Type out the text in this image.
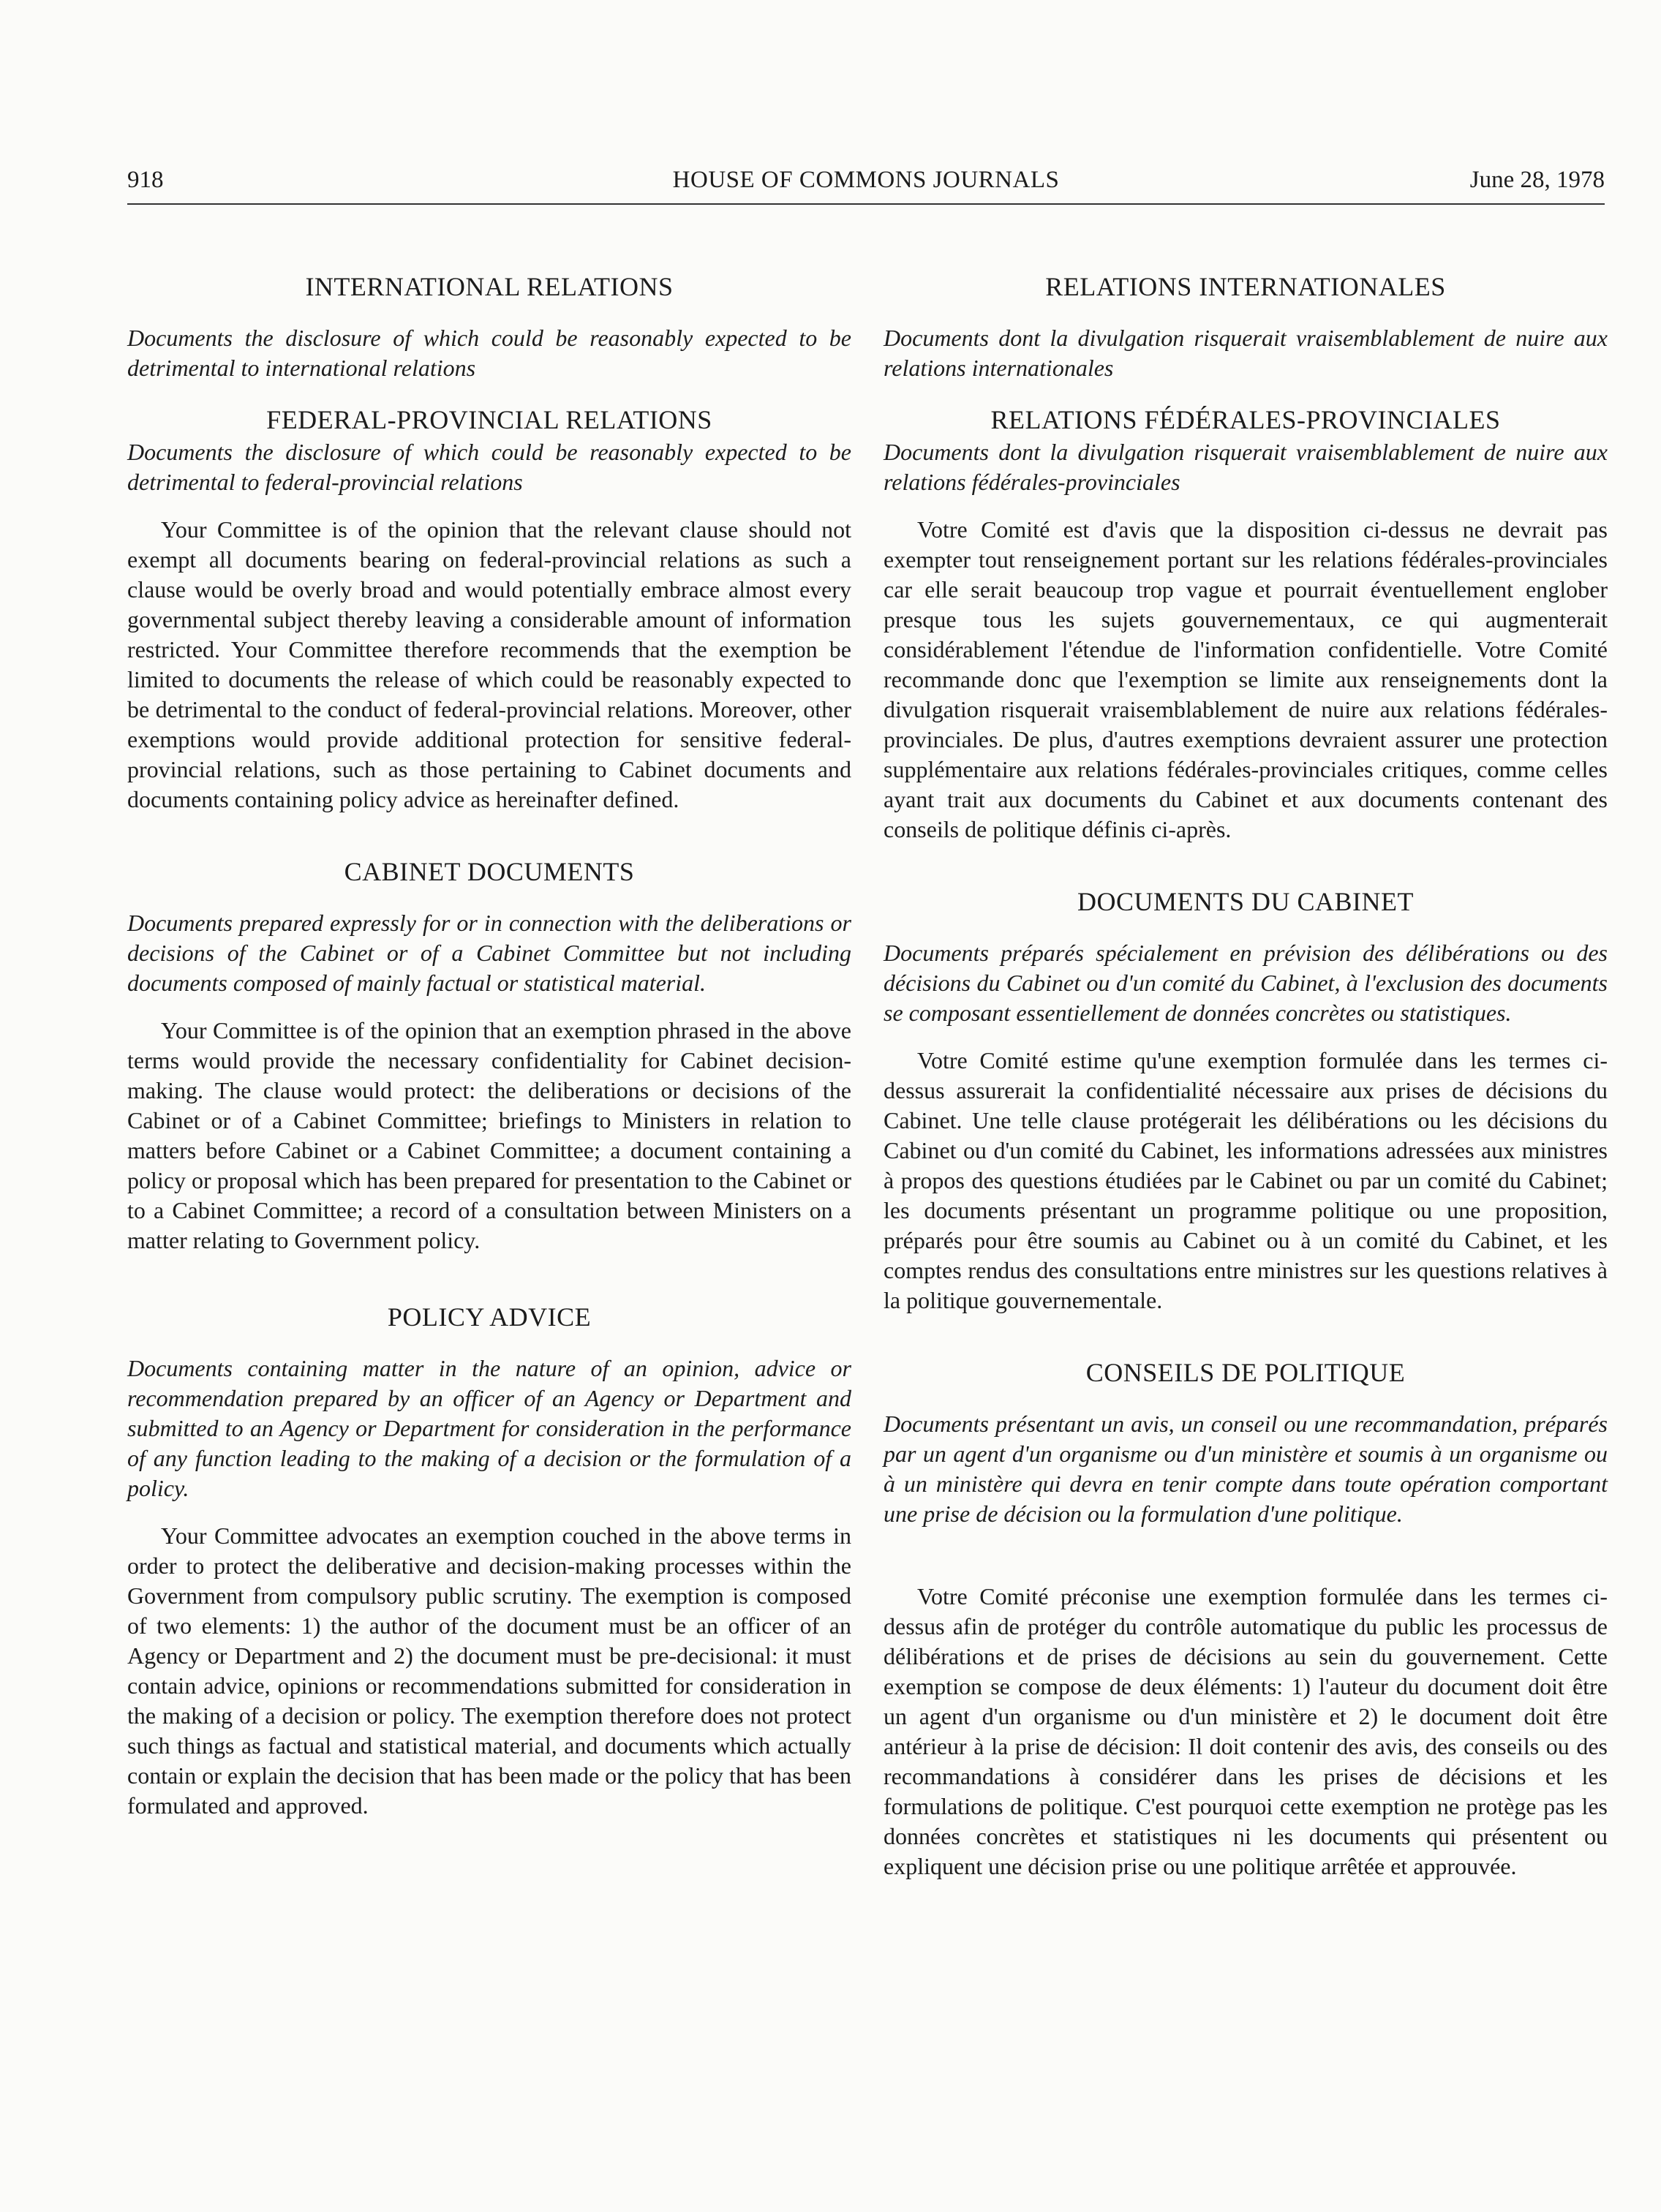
918	HOUSE OF COMMONS JOURNALS	June 28, 1978
INTERNATIONAL RELATIONS

Documents the disclosure of which could be reasonably expected to be detrimental to international relations

FEDERAL-PROVINCIAL RELATIONS

Documents the disclosure of which could be reasonably expected to be detrimental to federal-provincial relations

Your Committee is of the opinion that the relevant clause should not exempt all documents bearing on federal-provincial relations as such a clause would be overly broad and would potentially embrace almost every governmental subject thereby leaving a considerable amount of information restricted. Your Committee therefore recommends that the exemption be limited to documents the release of which could be reasonably expected to be detrimental to the conduct of federal-provincial relations. Moreover, other exemptions would provide additional protection for sensitive federal-provincial relations, such as those pertaining to Cabinet documents and documents containing policy advice as hereinafter defined.

CABINET DOCUMENTS

Documents prepared expressly for or in connection with the deliberations or decisions of the Cabinet or of a Cabinet Committee but not including documents composed of mainly factual or statistical material.

Your Committee is of the opinion that an exemption phrased in the above terms would provide the necessary confidentiality for Cabinet decision-making. The clause would protect: the deliberations or decisions of the Cabinet or of a Cabinet Committee; briefings to Ministers in relation to matters before Cabinet or a Cabinet Committee; a document containing a policy or proposal which has been prepared for presentation to the Cabinet or to a Cabinet Committee; a record of a consultation between Ministers on a matter relating to Government policy.

POLICY ADVICE

Documents containing matter in the nature of an opinion, advice or recommendation prepared by an officer of an Agency or Department and submitted to an Agency or Department for consideration in the performance of any function leading to the making of a decision or the formulation of a policy.

Your Committee advocates an exemption couched in the above terms in order to protect the deliberative and decision-making processes within the Government from compulsory public scrutiny. The exemption is composed of two elements: 1) the author of the document must be an officer of an Agency or Department and 2) the document must be pre-decisional: it must contain advice, opinions or recommendations submitted for consideration in the making of a decision or policy. The exemption therefore does not protect such things as factual and statistical material, and documents which actually contain or explain the decision that has been made or the policy that has been formulated and approved.

RELATIONS INTERNATIONALES

Documents dont la divulgation risquerait vraisemblablement de nuire aux relations internationales

RELATIONS FÉDÉRALES-PROVINCIALES

Documents dont la divulgation risquerait vraisemblablement de nuire aux relations fédérales-provinciales

Votre Comité est d'avis que la disposition ci-dessus ne devrait pas exempter tout renseignement portant sur les relations fédérales-provinciales car elle serait beaucoup trop vague et pourrait éventuellement englober presque tous les sujets gouvernementaux, ce qui augmenterait considérablement l'étendue de l'information confidentielle. Votre Comité recommande donc que l'exemption se limite aux renseignements dont la divulgation risquerait vraisemblablement de nuire aux relations fédérales-provinciales. De plus, d'autres exemptions devraient assurer une protection supplémentaire aux relations fédérales-provinciales critiques, comme celles ayant trait aux documents du Cabinet et aux documents contenant des conseils de politique définis ci-après.

DOCUMENTS DU CABINET

Documents préparés spécialement en prévision des délibérations ou des décisions du Cabinet ou d'un comité du Cabinet, à l'exclusion des documents se composant essentiellement de données concrètes ou statistiques.

Votre Comité estime qu'une exemption formulée dans les termes ci-dessus assurerait la confidentialité nécessaire aux prises de décisions du Cabinet. Une telle clause protégerait les délibérations ou les décisions du Cabinet ou d'un comité du Cabinet, les informations adressées aux ministres à propos des questions étudiées par le Cabinet ou par un comité du Cabinet; les documents présentant un programme politique ou une proposition, préparés pour être soumis au Cabinet ou à un comité du Cabinet, et les comptes rendus des consultations entre ministres sur les questions relatives à la politique gouvernementale.

CONSEILS DE POLITIQUE

Documents présentant un avis, un conseil ou une recommandation, préparés par un agent d'un organisme ou d'un ministère et soumis à un organisme ou à un ministère qui devra en tenir compte dans toute opération comportant une prise de décision ou la formulation d'une politique.

Votre Comité préconise une exemption formulée dans les termes ci-dessus afin de protéger du contrôle automatique du public les processus de délibérations et de prises de décisions au sein du gouvernement. Cette exemption se compose de deux éléments: 1) l'auteur du document doit être un agent d'un organisme ou d'un ministère et 2) le document doit être antérieur à la prise de décision: Il doit contenir des avis, des conseils ou des recommandations à considérer dans les prises de décisions et les formulations de politique. C'est pourquoi cette exemption ne protège pas les données concrètes et statistiques ni les documents qui présentent ou expliquent une décision prise ou une politique arrêtée et approuvée.
